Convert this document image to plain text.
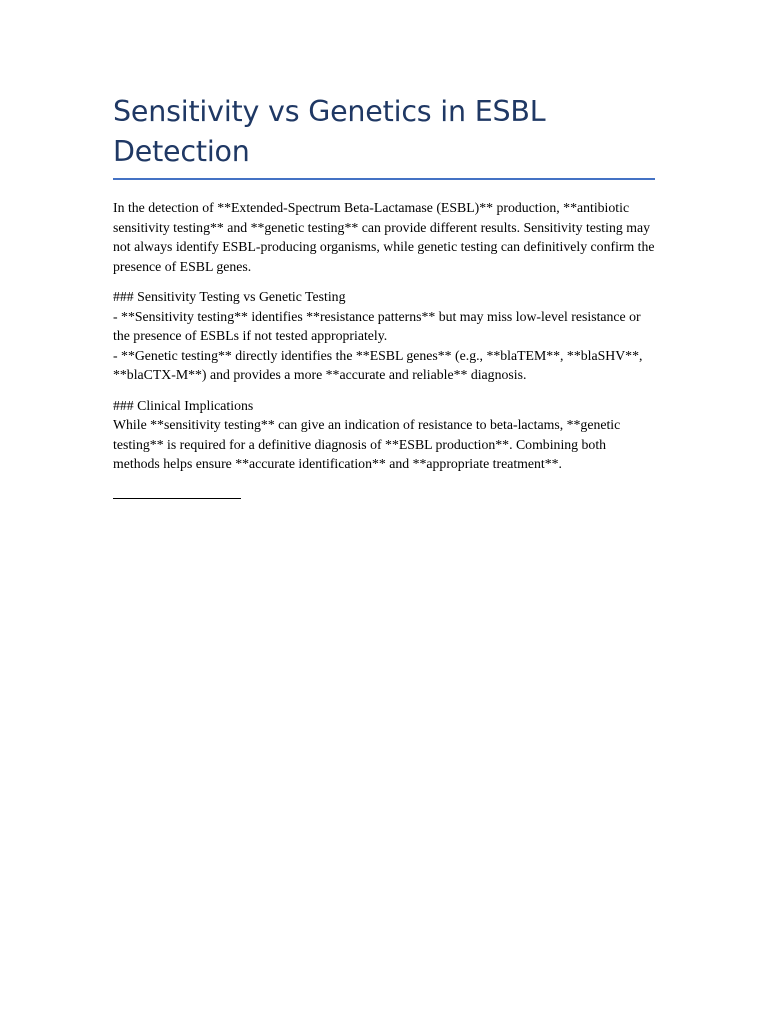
Sensitivity vs Genetics in ESBL Detection

In the detection of **Extended-Spectrum Beta-Lactamase (ESBL)** production, **antibiotic sensitivity testing** and **genetic testing** can provide different results. Sensitivity testing may not always identify ESBL-producing organisms, while genetic testing can definitively confirm the presence of ESBL genes.

### Sensitivity Testing vs Genetic Testing
- **Sensitivity testing** identifies **resistance patterns** but may miss low-level resistance or the presence of ESBLs if not tested appropriately.
- **Genetic testing** directly identifies the **ESBL genes** (e.g., **blaTEM**, **blaSHV**, **blaCTX-M**) and provides a more **accurate and reliable** diagnosis.
### Clinical Implications
While **sensitivity testing** can give an indication of resistance to beta-lactams, **genetic testing** is required for a definitive diagnosis of **ESBL production**. Combining both methods helps ensure **accurate identification** and **appropriate treatment**.
